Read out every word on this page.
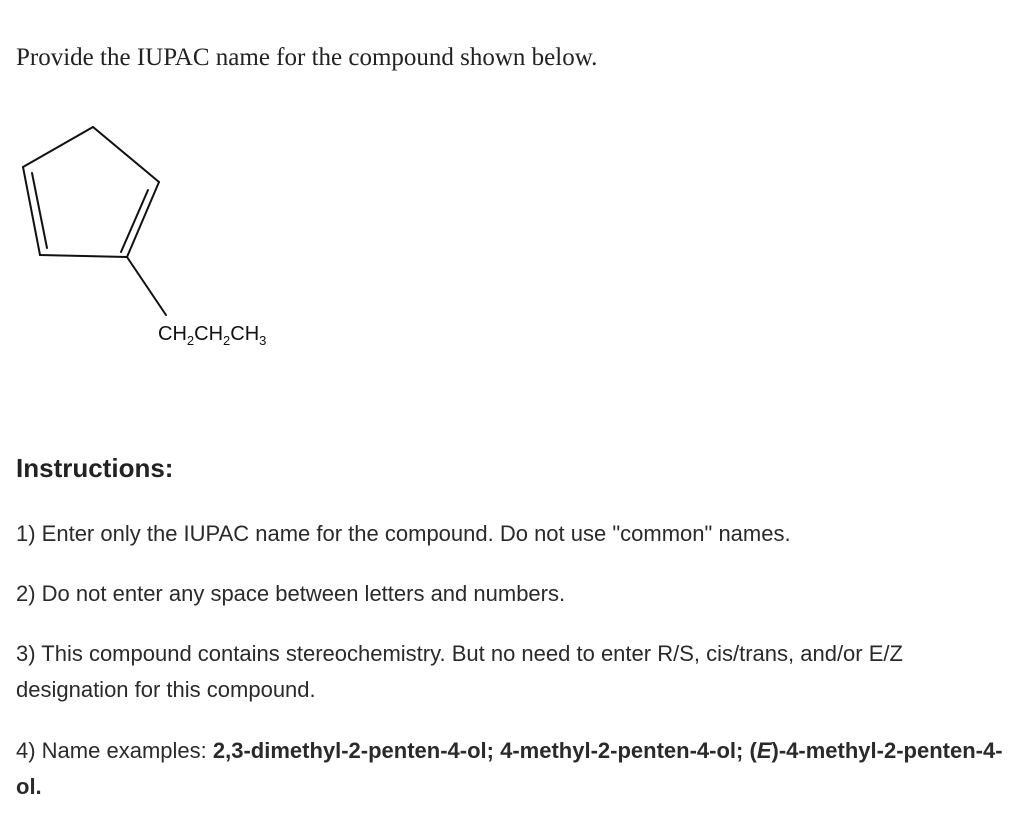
Provide the IUPAC name for the compound shown below.

$CH_2CH_2CH_3$
Instructions:

1) Enter only the IUPAC name for the compound. Do not use "common" names.

2) Do not enter any space between letters and numbers.

3) This compound contains stereochemistry. But no need to enter R/S, cis/trans, and/or E/Z designation for this compound.

4) Name examples: 2,3-dimethyl-2-penten-4-ol; 4-methyl-2-penten-4-ol; (E)-4-methyl-2-penten-4-ol.
